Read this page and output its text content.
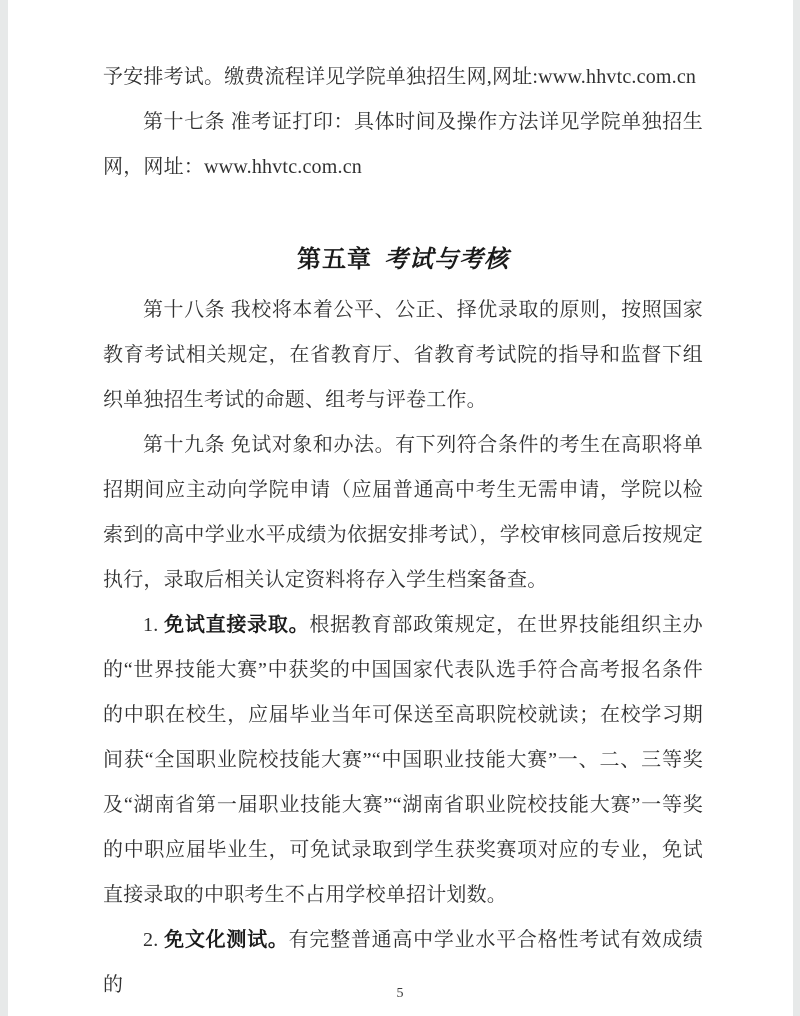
予安排考试。缴费流程详见学院单独招生网,网址:www.hhvtc.com.cn

第十七条 准考证打印：具体时间及操作方法详见学院单独招生网，网址：www.hhvtc.com.cn

第五章 考试与考核

第十八条 我校将本着公平、公正、择优录取的原则，按照国家教育考试相关规定，在省教育厅、省教育考试院的指导和监督下组织单独招生考试的命题、组考与评卷工作。

第十九条 免试对象和办法。有下列符合条件的考生在高职将单招期间应主动向学院申请（应届普通高中考生无需申请，学院以检索到的高中学业水平成绩为依据安排考试），学校审核同意后按规定执行，录取后相关认定资料将存入学生档案备查。

1. 免试直接录取。根据教育部政策规定，在世界技能组织主办的“世界技能大赛”中获奖的中国国家代表队选手符合高考报名条件的中职在校生，应届毕业当年可保送至高职院校就读；在校学习期间获“全国职业院校技能大赛”“中国职业技能大赛”一、二、三等奖及“湖南省第一届职业技能大赛”“湖南省职业院校技能大赛”一等奖的中职应届毕业生，可免试录取到学生获奖赛项对应的专业，免试直接录取的中职考生不占用学校单招计划数。

2. 免文化测试。有完整普通高中学业水平合格性考试有效成绩的	5
